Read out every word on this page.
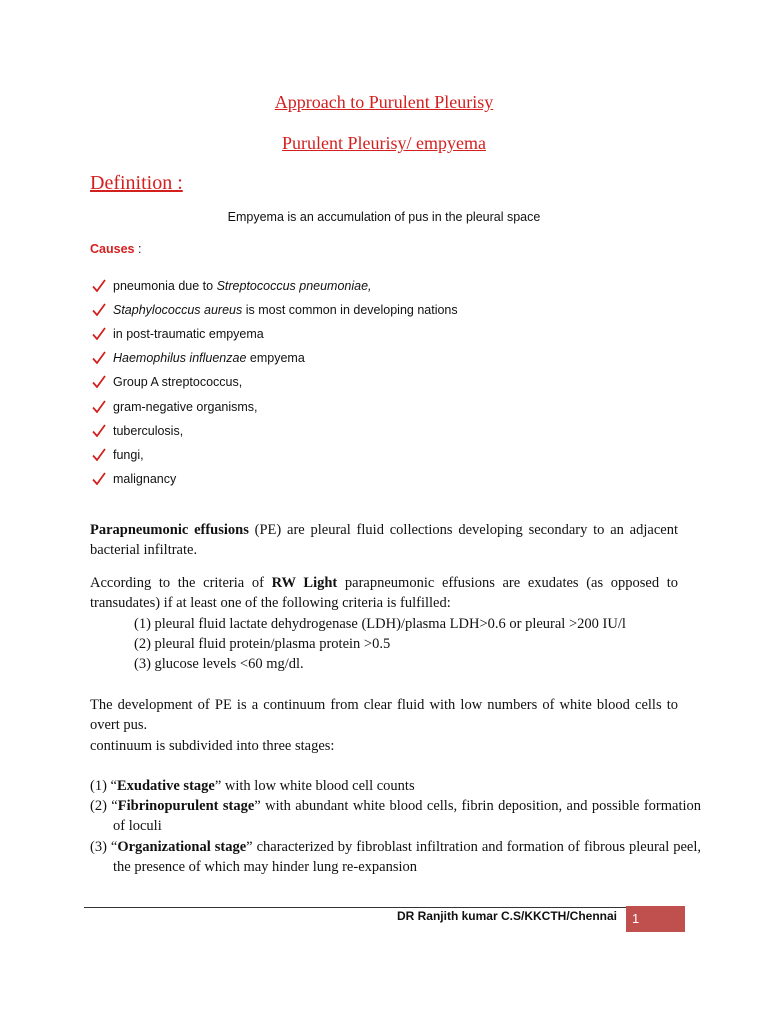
Approach to Purulent Pleurisy
Purulent Pleurisy/ empyema
Definition :
Empyema is an accumulation of pus in the pleural space
Causes :
pneumonia due to Streptococcus pneumoniae,
Staphylococcus aureus is most common in developing nations
in post-traumatic empyema
Haemophilus influenzae empyema
Group A streptococcus,
gram-negative organisms,
tuberculosis,
fungi,
malignancy
Parapneumonic effusions (PE) are pleural fluid collections developing secondary to an adjacent bacterial infiltrate.
According to the criteria of RW Light parapneumonic effusions are exudates (as opposed to transudates) if at least one of the following criteria is fulfilled:
(1) pleural fluid lactate dehydrogenase (LDH)/plasma LDH>0.6 or pleural >200 IU/l
(2) pleural fluid protein/plasma protein >0.5
(3) glucose levels <60 mg/dl.
The development of PE is a continuum from clear fluid with low numbers of white blood cells to overt pus.
continuum is subdivided into three stages:
(1) “Exudative stage” with low white blood cell counts
(2) “Fibrinopurulent stage” with abundant white blood cells, fibrin deposition, and possible formation of loculi
(3) “Organizational stage” characterized by fibroblast infiltration and formation of fibrous pleural peel, the presence of which may hinder lung re-expansion
DR Ranjith kumar C.S/KKCTH/Chennai 1
